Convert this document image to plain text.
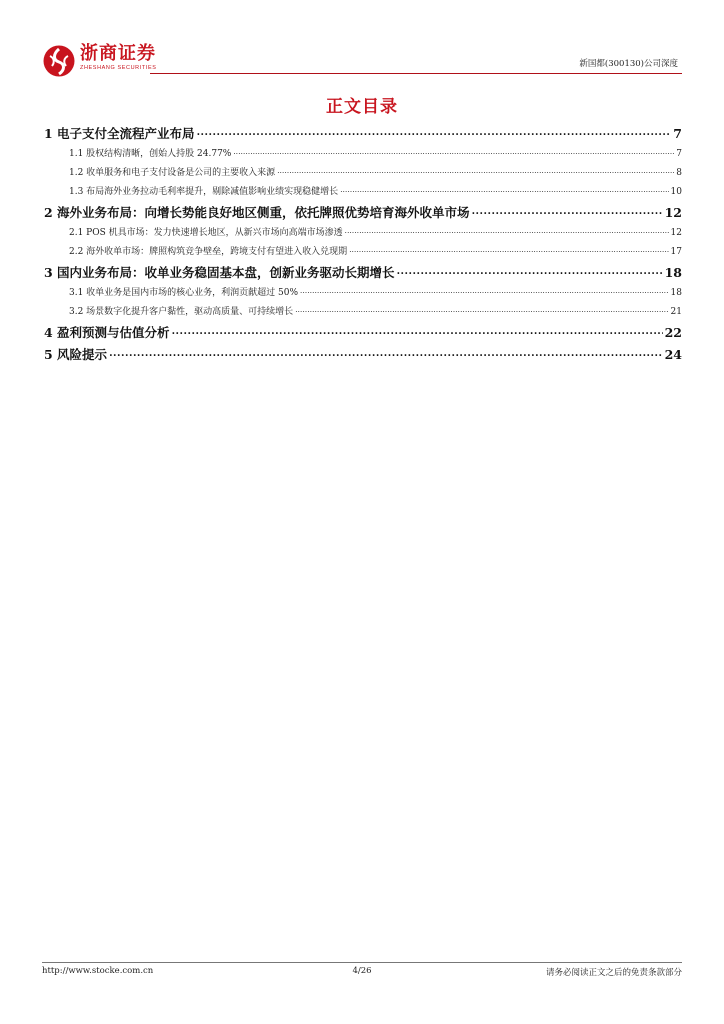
浙商证券
ZHESHANG SECURITIES	新国都(300130)公司深度
正文目录
1 电子支付全流程产业布局 .....	7
1.1 股权结构清晰，创始人持股 24.77% .....	7
1.2 收单服务和电子支付设备是公司的主要收入来源 .....	8
1.3 布局海外业务拉动毛利率提升，剔除减值影响业绩实现稳健增长 .....	10
2 海外业务布局：向增长势能良好地区侧重，依托牌照优势培育海外收单市场 .....	12
2.1 POS 机具市场：发力快速增长地区，从新兴市场向高端市场渗透 .....	12
2.2 海外收单市场：牌照构筑竞争壁垒，跨境支付有望进入收入兑现期 .....	17
3 国内业务布局：收单业务稳固基本盘，创新业务驱动长期增长 .....	18
3.1 收单业务是国内市场的核心业务，利润贡献超过 50% .....	18
3.2 场景数字化提升客户黏性，驱动高质量、可持续增长 .....	21
4 盈利预测与估值分析 .....	22
5 风险提示 .....	24
http://www.stocke.com.cn	4/26	请务必阅读正文之后的免责条款部分
